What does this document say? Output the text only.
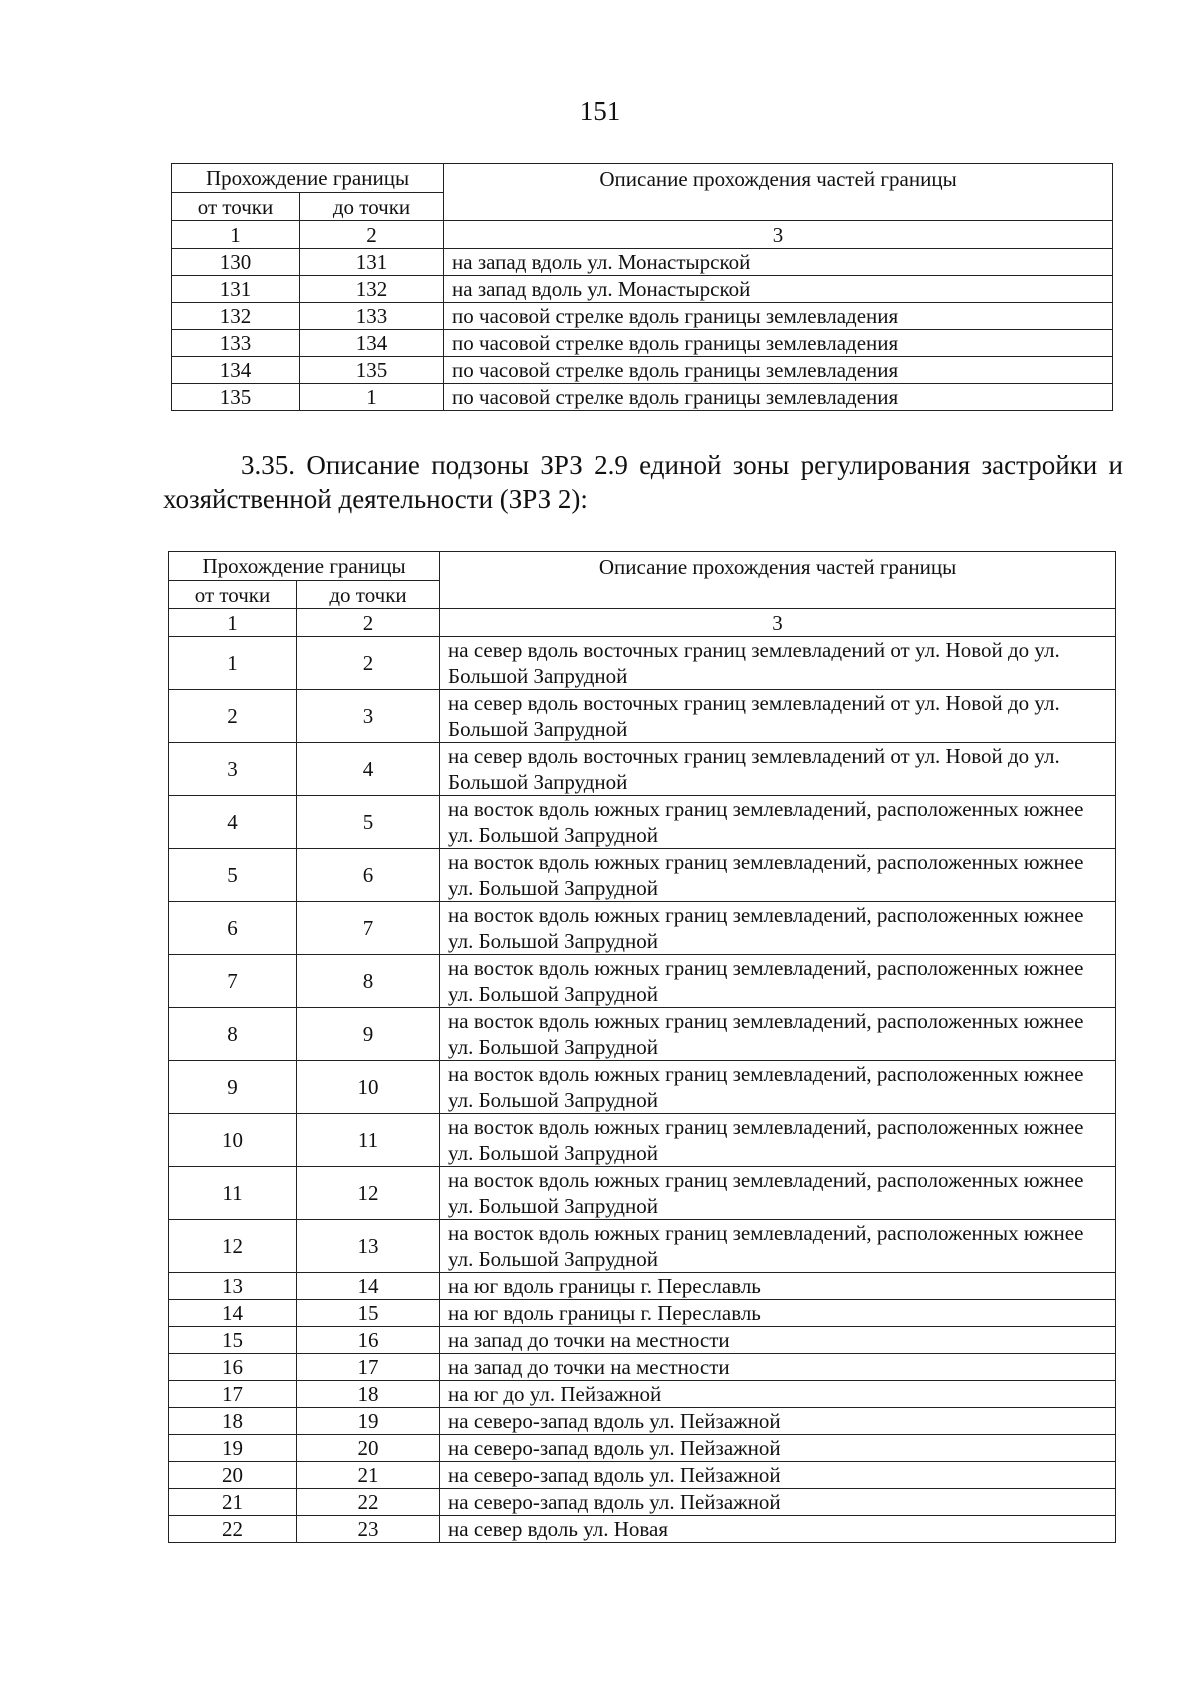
151
Прохождение границы		Описание прохождения частей границы
от точки	до точки	
1	2	3
130	131	на запад вдоль ул. Монастырской
131	132	на запад вдоль ул. Монастырской
132	133	по часовой стрелке вдоль границы землевладения
133	134	по часовой стрелке вдоль границы землевладения
134	135	по часовой стрелке вдоль границы землевладения
135	1	по часовой стрелке вдоль границы землевладения
3.35. Описание подзоны ЗРЗ 2.9 единой зоны регулирования застройки и хозяйственной деятельности (ЗРЗ 2):
Прохождение границы		Описание прохождения частей границы
от точки	до точки	
1	2	3
1	2	на север вдоль восточных границ землевладений от ул. Новой до ул. Большой Запрудной
2	3	на север вдоль восточных границ землевладений от ул. Новой до ул. Большой Запрудной
3	4	на север вдоль восточных границ землевладений от ул. Новой до ул. Большой Запрудной
4	5	на восток вдоль южных границ землевладений, расположенных южнее ул. Большой Запрудной
5	6	на восток вдоль южных границ землевладений, расположенных южнее ул. Большой Запрудной
6	7	на восток вдоль южных границ землевладений, расположенных южнее ул. Большой Запрудной
7	8	на восток вдоль южных границ землевладений, расположенных южнее ул. Большой Запрудной
8	9	на восток вдоль южных границ землевладений, расположенных южнее ул. Большой Запрудной
9	10	на восток вдоль южных границ землевладений, расположенных южнее ул. Большой Запрудной
10	11	на восток вдоль южных границ землевладений, расположенных южнее ул. Большой Запрудной
11	12	на восток вдоль южных границ землевладений, расположенных южнее ул. Большой Запрудной
12	13	на восток вдоль южных границ землевладений, расположенных южнее ул. Большой Запрудной
13	14	на юг вдоль границы г. Переславль
14	15	на юг вдоль границы г. Переславль
15	16	на запад до точки на местности
16	17	на запад до точки на местности
17	18	на юг до ул. Пейзажной
18	19	на северо-запад вдоль ул. Пейзажной
19	20	на северо-запад вдоль ул. Пейзажной
20	21	на северо-запад вдоль ул. Пейзажной
21	22	на северо-запад вдоль ул. Пейзажной
22	23	на север вдоль ул. Новая
